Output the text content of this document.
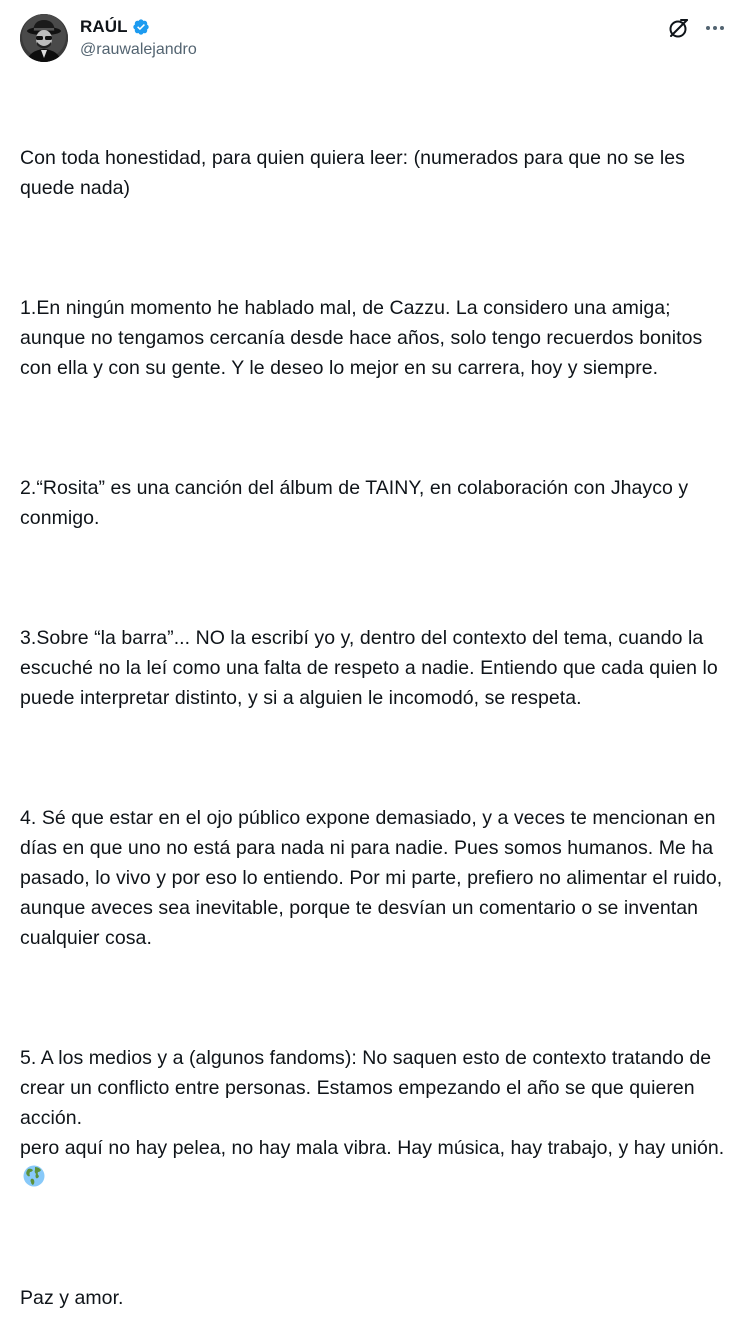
RAÚL
@rauwalejandro

Con toda honestidad, para quien quiera leer: (numerados para que no se les quede nada)

1.En ningún momento he hablado mal, de Cazzu. La considero una amiga; aunque no tengamos cercanía desde hace años, solo tengo recuerdos bonitos con ella y con su gente. Y le deseo lo mejor en su carrera, hoy y siempre.

2.“Rosita” es una canción del álbum de TAINY, en colaboración con Jhayco y conmigo.

3.Sobre “la barra”... NO la escribí yo y, dentro del contexto del tema, cuando la escuché no la leí como una falta de respeto a nadie. Entiendo que cada quien lo puede interpretar distinto, y si a alguien le incomodó, se respeta.

4. Sé que estar en el ojo público expone demasiado, y a veces te mencionan en días en que uno no está para nada ni para nadie. Pues somos humanos. Me ha pasado, lo vivo y por eso lo entiendo. Por mi parte, prefiero no alimentar el ruido, aunque aveces sea inevitable, porque te desvían un comentario o se inventan cualquier cosa.

5. A los medios y a (algunos fandoms): No saquen esto de contexto tratando de crear un conflicto entre personas. Estamos empezando el año se que quieren acción.
pero aquí no hay pelea, no hay mala vibra. Hay música, hay trabajo, y hay unión.

Paz y amor.
